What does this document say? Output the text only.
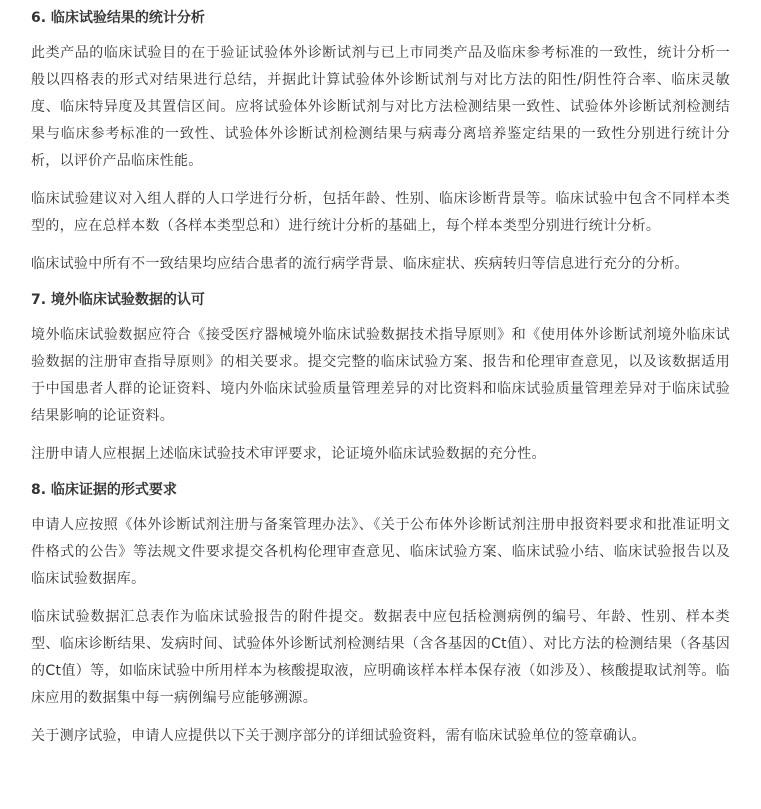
6. 临床试验结果的统计分析

此类产品的临床试验目的在于验证试验体外诊断试剂与已上市同类产品及临床参考标准的一致性，统计分析一般以四格表的形式对结果进行总结，并据此计算试验体外诊断试剂与对比方法的阳性/阴性符合率、临床灵敏度、临床特异度及其置信区间。应将试验体外诊断试剂与对比方法检测结果一致性、试验体外诊断试剂检测结果与临床参考标准的一致性、试验体外诊断试剂检测结果与病毒分离培养鉴定结果的一致性分别进行统计分析，以评价产品临床性能。

临床试验建议对入组人群的人口学进行分析，包括年龄、性别、临床诊断背景等。临床试验中包含不同样本类型的，应在总样本数（各样本类型总和）进行统计分析的基础上，每个样本类型分别进行统计分析。

临床试验中所有不一致结果均应结合患者的流行病学背景、临床症状、疾病转归等信息进行充分的分析。

7. 境外临床试验数据的认可

境外临床试验数据应符合《接受医疗器械境外临床试验数据技术指导原则》和《使用体外诊断试剂境外临床试验数据的注册审查指导原则》的相关要求。提交完整的临床试验方案、报告和伦理审查意见，以及该数据适用于中国患者人群的论证资料、境内外临床试验质量管理差异的对比资料和临床试验质量管理差异对于临床试验结果影响的论证资料。

注册申请人应根据上述临床试验技术审评要求，论证境外临床试验数据的充分性。

8. 临床证据的形式要求

申请人应按照《体外诊断试剂注册与备案管理办法》、《关于公布体外诊断试剂注册申报资料要求和批准证明文件格式的公告》等法规文件要求提交各机构伦理审查意见、临床试验方案、临床试验小结、临床试验报告以及临床试验数据库。

临床试验数据汇总表作为临床试验报告的附件提交。数据表中应包括检测病例的编号、年龄、性别、样本类型、临床诊断结果、发病时间、试验体外诊断试剂检测结果（含各基因的Ct值）、对比方法的检测结果（各基因的Ct值）等，如临床试验中所用样本为核酸提取液，应明确该样本样本保存液（如涉及）、核酸提取试剂等。临床应用的数据集中每一病例编号应能够溯源。

关于测序试验，申请人应提供以下关于测序部分的详细试验资料，需有临床试验单位的签章确认。
